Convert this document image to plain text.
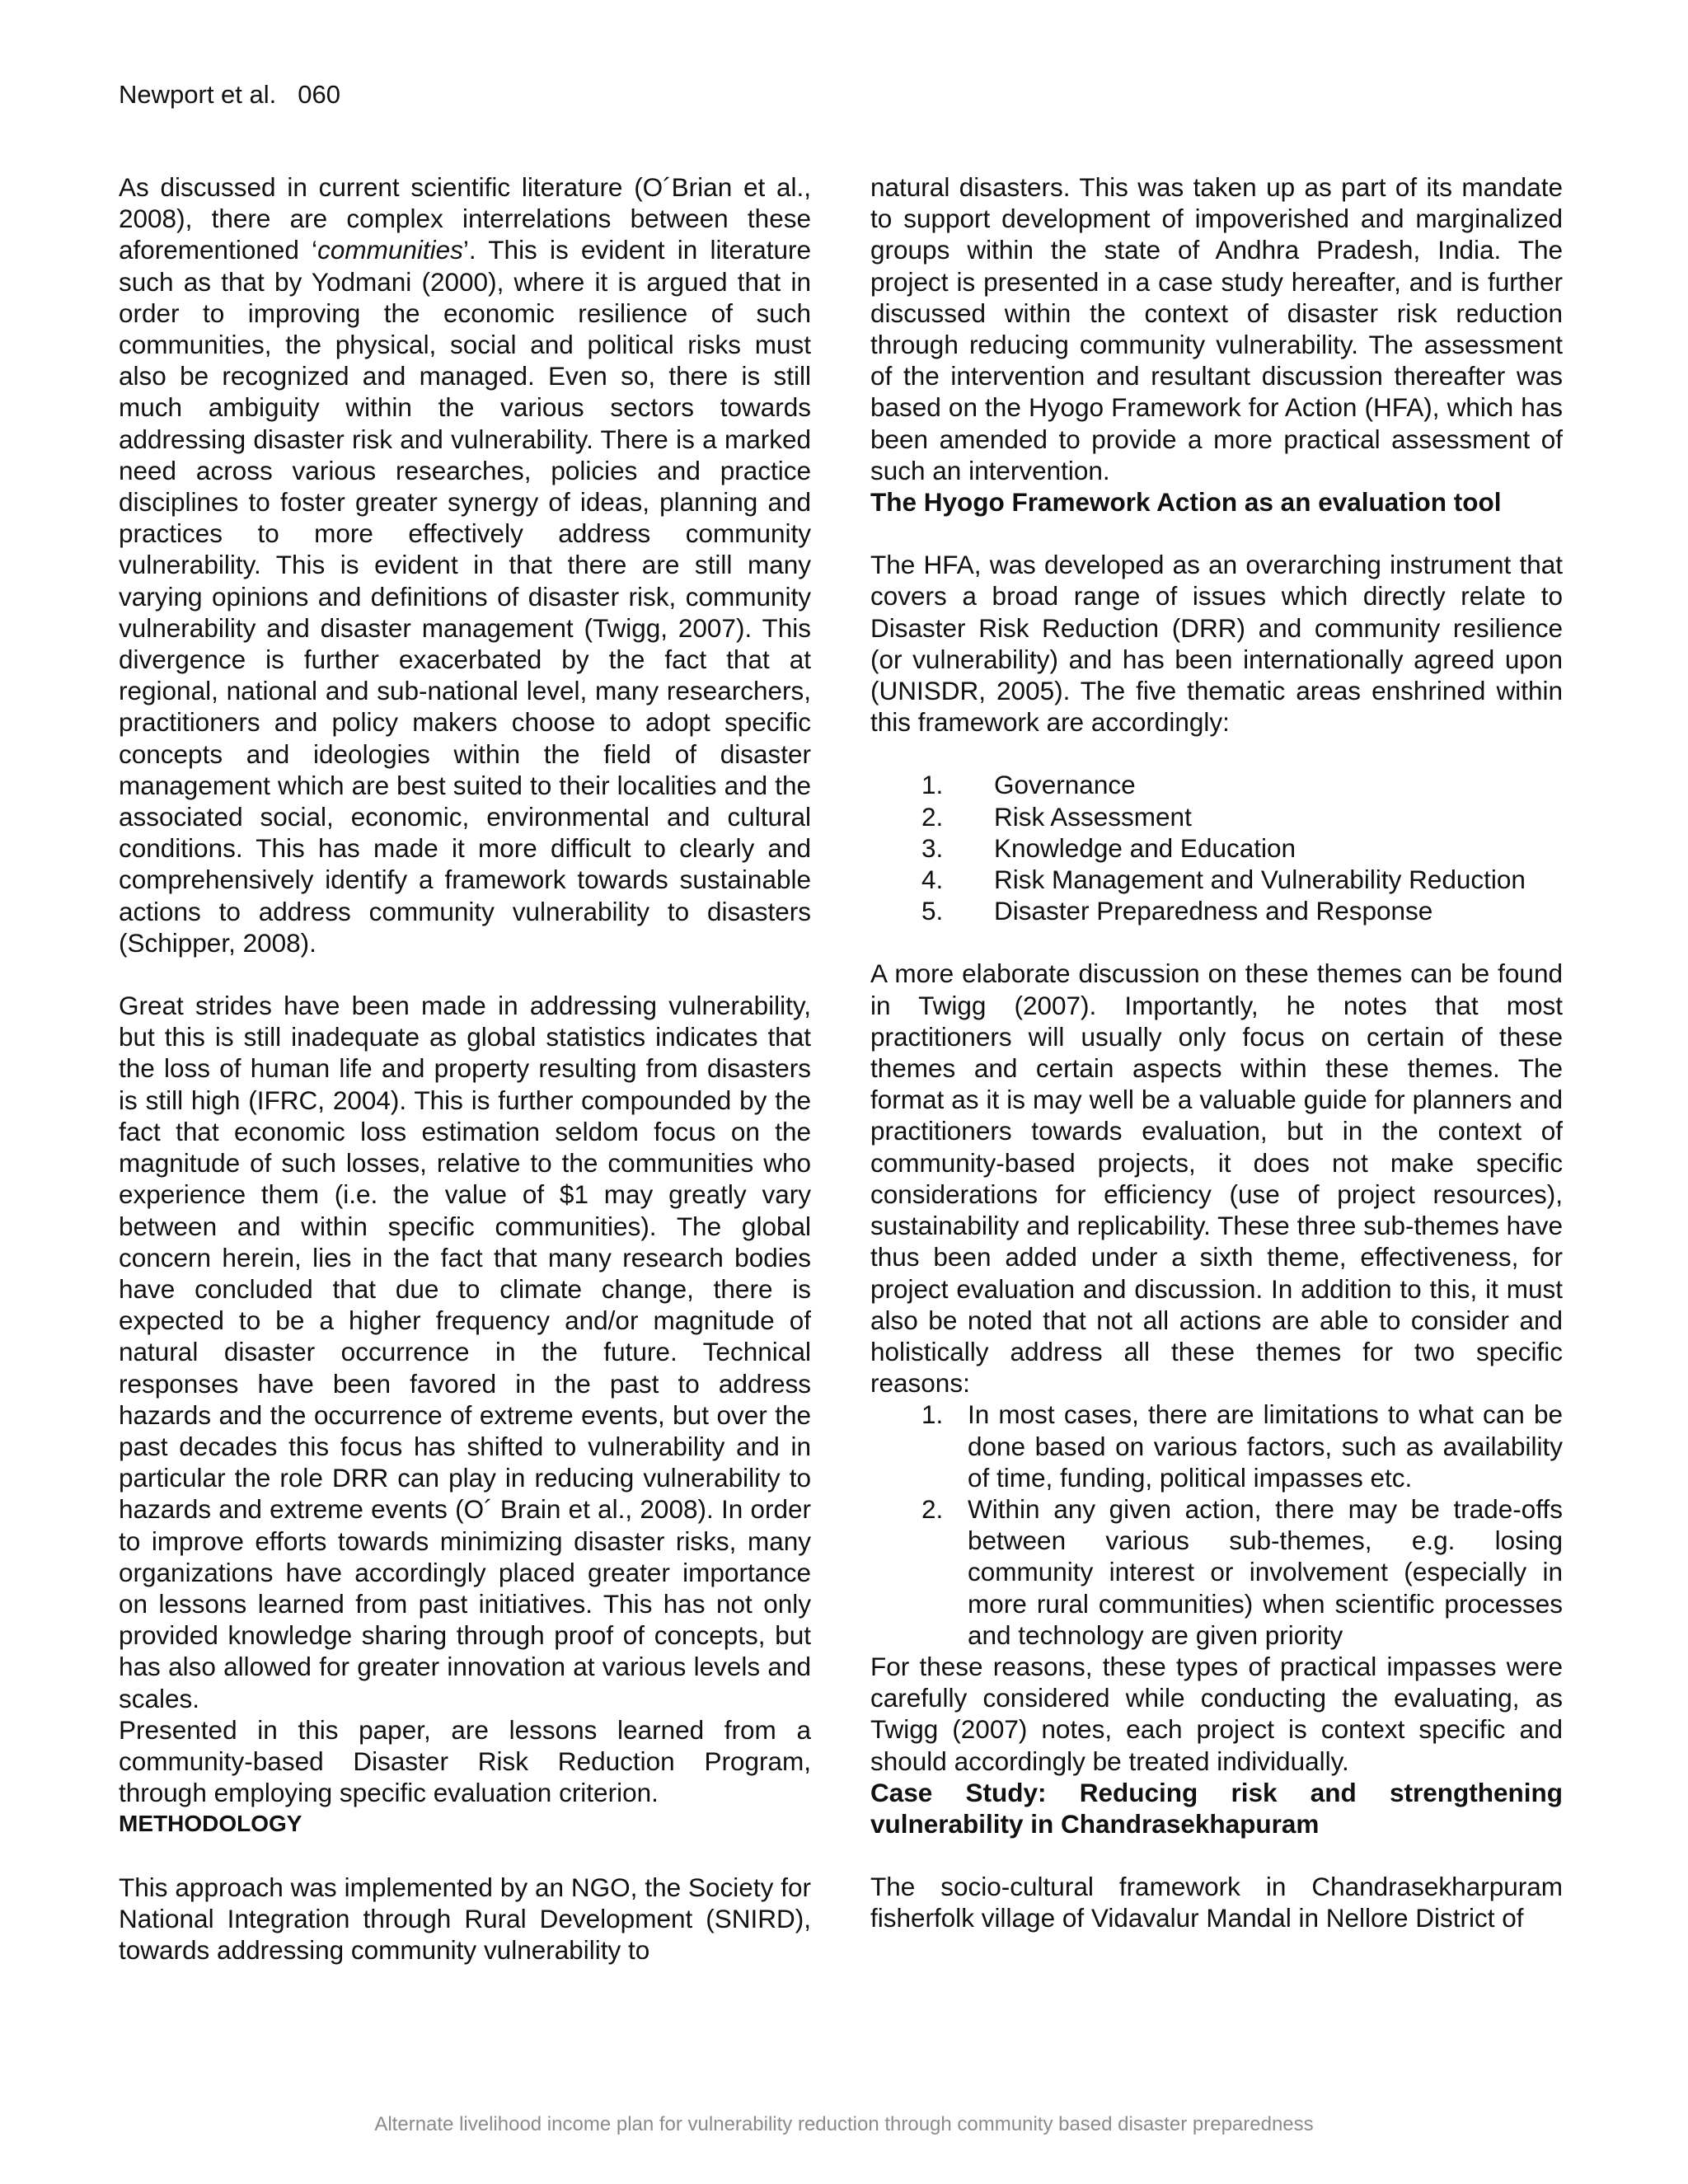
Newport et al. 060

As discussed in current scientific literature (O´Brian et al., 2008), there are complex interrelations between these aforementioned ‘communities’. This is evident in literature such as that by Yodmani (2000), where it is argued that in order to improving the economic resilience of such communities, the physical, social and political risks must also be recognized and managed. Even so, there is still much ambiguity within the various sectors towards addressing disaster risk and vulnerability. There is a marked need across various researches, policies and practice disciplines to foster greater synergy of ideas, planning and practices to more effectively address community vulnerability. This is evident in that there are still many varying opinions and definitions of disaster risk, community vulnerability and disaster management (Twigg, 2007). This divergence is further exacerbated by the fact that at regional, national and sub-national level, many researchers, practitioners and policy makers choose to adopt specific concepts and ideologies within the field of disaster management which are best suited to their localities and the associated social, economic, environmental and cultural conditions. This has made it more difficult to clearly and comprehensively identify a framework towards sustainable actions to address community vulnerability to disasters (Schipper, 2008).

Great strides have been made in addressing vulnerability, but this is still inadequate as global statistics indicates that the loss of human life and property resulting from disasters is still high (IFRC, 2004). This is further compounded by the fact that economic loss estimation seldom focus on the magnitude of such losses, relative to the communities who experience them (i.e. the value of $1 may greatly vary between and within specific communities). The global concern herein, lies in the fact that many research bodies have concluded that due to climate change, there is expected to be a higher frequency and/or magnitude of natural disaster occurrence in the future. Technical responses have been favored in the past to address hazards and the occurrence of extreme events, but over the past decades this focus has shifted to vulnerability and in particular the role DRR can play in reducing vulnerability to hazards and extreme events (O´ Brain et al., 2008). In order to improve efforts towards minimizing disaster risks, many organizations have accordingly placed greater importance on lessons learned from past initiatives. This has not only provided knowledge sharing through proof of concepts, but has also allowed for greater innovation at various levels and scales.

Presented in this paper, are lessons learned from a community-based Disaster Risk Reduction Program, through employing specific evaluation criterion.

METHODOLOGY

This approach was implemented by an NGO, the Society for National Integration through Rural Development (SNIRD), towards addressing community vulnerability to

natural disasters. This was taken up as part of its mandate to support development of impoverished and marginalized groups within the state of Andhra Pradesh, India. The project is presented in a case study hereafter, and is further discussed within the context of disaster risk reduction through reducing community vulnerability. The assessment of the intervention and resultant discussion thereafter was based on the Hyogo Framework for Action (HFA), which has been amended to provide a more practical assessment of such an intervention.

The Hyogo Framework Action as an evaluation tool

The HFA, was developed as an overarching instrument that covers a broad range of issues which directly relate to Disaster Risk Reduction (DRR) and community resilience (or vulnerability) and has been internationally agreed upon (UNISDR, 2005). The five thematic areas enshrined within this framework are accordingly:

1.	Governance
2.	Risk Assessment
3.	Knowledge and Education
4.	Risk Management and Vulnerability Reduction
5.	Disaster Preparedness and Response

A more elaborate discussion on these themes can be found in Twigg (2007). Importantly, he notes that most practitioners will usually only focus on certain of these themes and certain aspects within these themes. The format as it is may well be a valuable guide for planners and practitioners towards evaluation, but in the context of community-based projects, it does not make specific considerations for efficiency (use of project resources), sustainability and replicability. These three sub-themes have thus been added under a sixth theme, effectiveness, for project evaluation and discussion. In addition to this, it must also be noted that not all actions are able to consider and holistically address all these themes for two specific reasons:

1. In most cases, there are limitations to what can be done based on various factors, such as availability of time, funding, political impasses etc.
2. Within any given action, there may be trade-offs between various sub-themes, e.g. losing community interest or involvement (especially in more rural communities) when scientific processes and technology are given priority

For these reasons, these types of practical impasses were carefully considered while conducting the evaluating, as Twigg (2007) notes, each project is context specific and should accordingly be treated individually.

Case Study: Reducing risk and strengthening vulnerability in Chandrasekhapuram

The socio-cultural framework in Chandrasekharpuram fisherfolk village of Vidavalur Mandal in Nellore District of

Alternate livelihood income plan for vulnerability reduction through community based disaster preparedness
